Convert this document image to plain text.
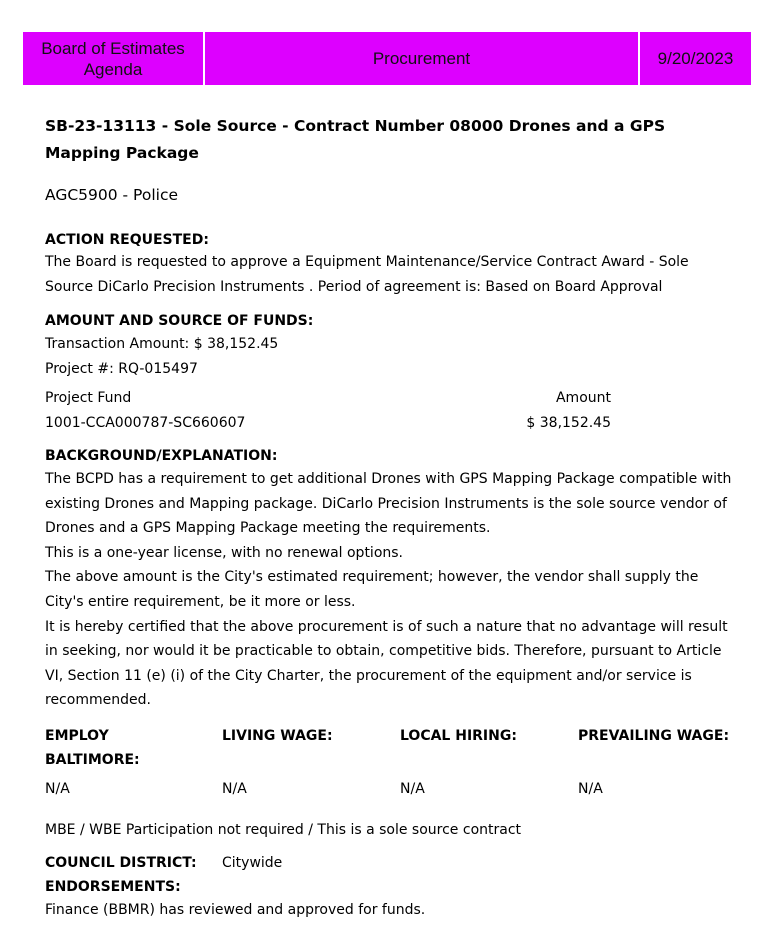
Board of Estimates Agenda
Procurement	9/20/2023
SB-23-13113 - Sole Source - Contract Number 08000 Drones and a GPS Mapping Package
AGC5900 - Police
ACTION REQUESTED:
The Board is requested to approve a Equipment Maintenance/Service Contract Award - Sole Source DiCarlo Precision Instruments . Period of agreement is: Based on Board Approval
AMOUNT AND SOURCE OF FUNDS:
Transaction Amount: $ 38,152.45
Project #: RQ-015497
Project Fund	Amount
1001-CCA000787-SC660607	$ 38,152.45
BACKGROUND/EXPLANATION:
The BCPD has a requirement to get additional Drones with GPS Mapping Package compatible with existing Drones and Mapping package. DiCarlo Precision Instruments is the sole source vendor of Drones and a GPS Mapping Package meeting the requirements.
This is a one-year license, with no renewal options.
The above amount is the City's estimated requirement; however, the vendor shall supply the City's entire requirement, be it more or less.
It is hereby certified that the above procurement is of such a nature that no advantage will result in seeking, nor would it be practicable to obtain, competitive bids. Therefore, pursuant to Article VI, Section 11 (e) (i) of the City Charter, the procurement of the equipment and/or service is recommended.
EMPLOY BALTIMORE:
N/A
LIVING WAGE:
N/A
LOCAL HIRING:
N/A
PREVAILING WAGE:
N/A
MBE / WBE Participation not required / This is a sole source contract
COUNCIL DISTRICT: Citywide
ENDORSEMENTS:
Finance (BBMR) has reviewed and approved for funds.
